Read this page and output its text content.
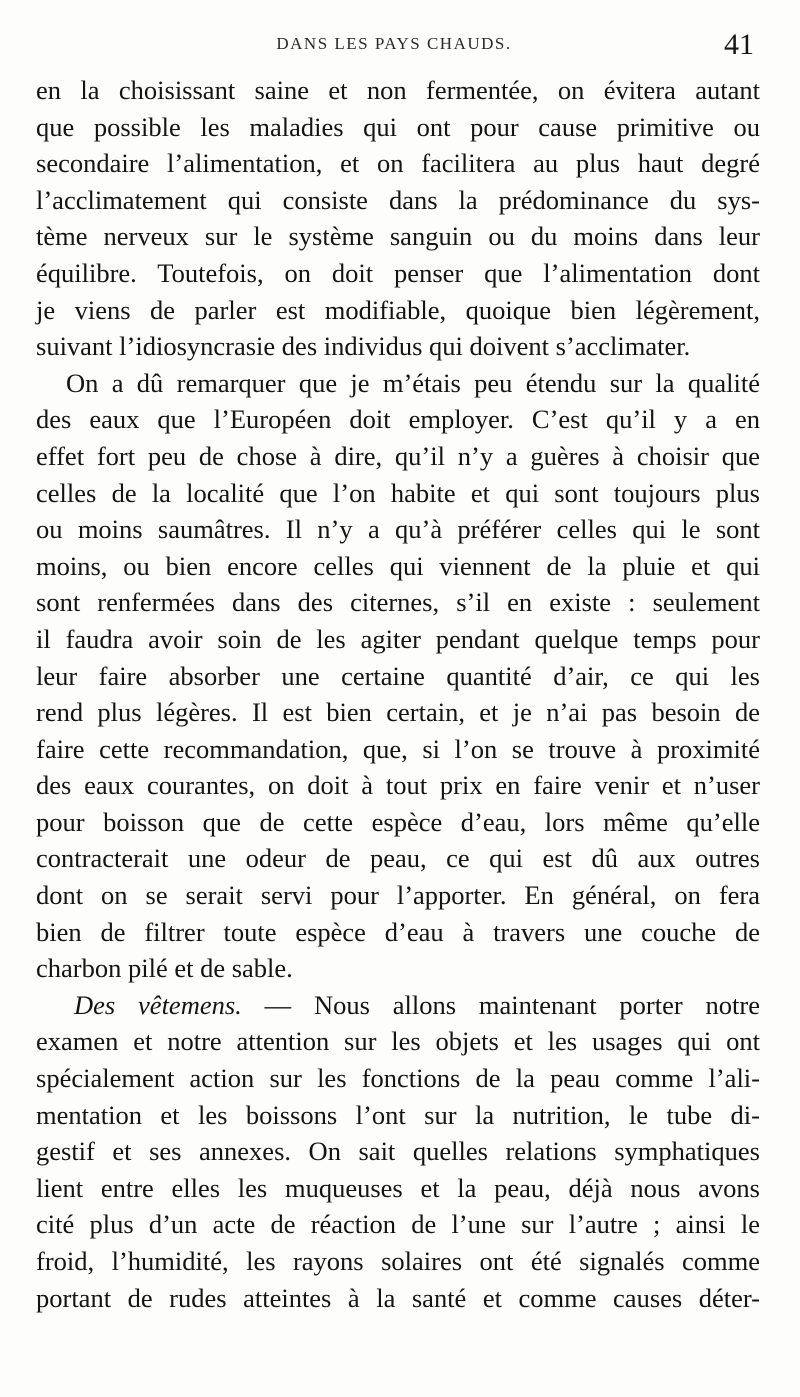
DANS LES PAYS CHAUDS.	41
en la choisissant saine et non fermentée, on évitera autant
que possible les maladies qui ont pour cause primitive ou
secondaire l’alimentation, et on facilitera au plus haut degré
l’acclimatement qui consiste dans la prédominance du sys-
tème nerveux sur le système sanguin ou du moins dans leur
équilibre. Toutefois, on doit penser que l’alimentation dont
je viens de parler est modifiable, quoique bien légèrement,
suivant l’idiosyncrasie des individus qui doivent s’acclimater.
On a dû remarquer que je m’étais peu étendu sur la qualité
des eaux que l’Européen doit employer. C’est qu’il y a en
effet fort peu de chose à dire, qu’il n’y a guères à choisir que
celles de la localité que l’on habite et qui sont toujours plus
ou moins saumâtres. Il n’y a qu’à préférer celles qui le sont
moins, ou bien encore celles qui viennent de la pluie et qui
sont renfermées dans des citernes, s’il en existe : seulement
il faudra avoir soin de les agiter pendant quelque temps pour
leur faire absorber une certaine quantité d’air, ce qui les
rend plus légères. Il est bien certain, et je n’ai pas besoin de
faire cette recommandation, que, si l’on se trouve à proximité
des eaux courantes, on doit à tout prix en faire venir et n’user
pour boisson que de cette espèce d’eau, lors même qu’elle
contracterait une odeur de peau, ce qui est dû aux outres
dont on se serait servi pour l’apporter. En général, on fera
bien de filtrer toute espèce d’eau à travers une couche de
charbon pilé et de sable.
Des vêtemens. — Nous allons maintenant porter notre
examen et notre attention sur les objets et les usages qui ont
spécialement action sur les fonctions de la peau comme l’ali-
mentation et les boissons l’ont sur la nutrition, le tube di-
gestif et ses annexes. On sait quelles relations symphatiques
lient entre elles les muqueuses et la peau, déjà nous avons
cité plus d’un acte de réaction de l’une sur l’autre ; ainsi le
froid, l’humidité, les rayons solaires ont été signalés comme
portant de rudes atteintes à la santé et comme causes déter-
